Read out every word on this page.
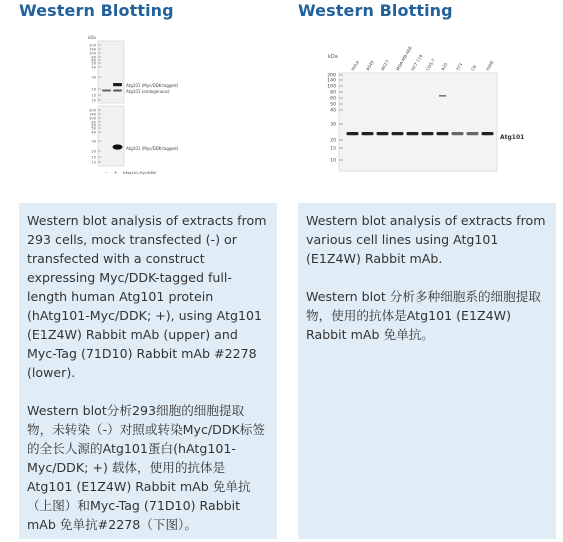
Western Blotting
kDa
200
140
100
80
60
50
40
30
20
15
10
200
140
100
80
60
50
40
30
20
15
10
Atg101 (Myc/DDK-tagged)
Atg101 (endogenous)
Atg101 (Myc/DDK-tagged)
– + hAtg101-Myc/DDK

Western blot analysis of extracts from 293 cells, mock transfected (-) or transfected with a construct expressing Myc/DDK-tagged full-length human Atg101 protein (hAtg101-Myc/DDK; +), using Atg101 (E1Z4W) Rabbit mAb (upper) and Myc-Tag (71D10) Rabbit mAb #2278 (lower).

Western blot分析293细胞的细胞提取物，未转染（-）对照或转染Myc/DDK标签的全长人源的Atg101蛋白(hAtg101-Myc/DDK; +) 载体，使用的抗体是Atg101 (E1Z4W) Rabbit mAb 免单抗（上图）和Myc-Tag (71D10) Rabbit mAb 免单抗#2278（下图）。

Western Blotting
kDa
200
140
100
80
60
50
40
30
20
15
10
HeLa A549 MCF7 MDA-MB-468
HCT 116 COS-7 A20 3T3 C6 H4IIE
Atg101

Western blot analysis of extracts from various cell lines using Atg101 (E1Z4W) Rabbit mAb.

Western blot 分析多种细胞系的细胞提取物，使用的抗体是Atg101 (E1Z4W) Rabbit mAb 免单抗。
